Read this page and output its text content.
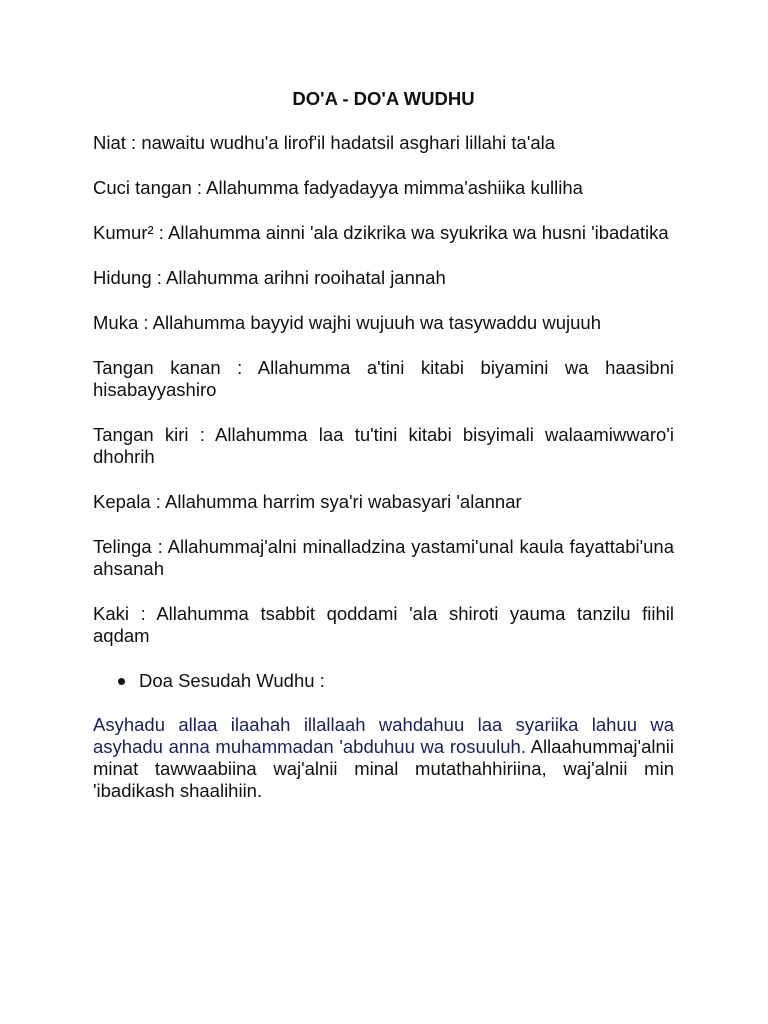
DO'A - DO'A WUDHU

Niat : nawaitu wudhu'a lirof'il hadatsil asghari lillahi ta'ala

Cuci tangan : Allahumma fadyadayya mimma'ashiika kulliha

Kumur² : Allahumma ainni 'ala dzikrika wa syukrika wa husni 'ibadatika

Hidung : Allahumma arihni rooihatal jannah

Muka : Allahumma bayyid wajhi wujuuh wa tasywaddu wujuuh

Tangan kanan : Allahumma a'tini kitabi biyamini wa haasibni hisabayyashiro

Tangan kiri : Allahumma laa tu'tini kitabi bisyimali walaamiwwaro'i dhohrih

Kepala : Allahumma harrim sya'ri wabasyari 'alannar

Telinga : Allahummaj'alni minalladzina yastami'unal kaula fayattabi'una ahsanah

Kaki : Allahumma tsabbit qoddami 'ala shiroti yauma tanzilu fiihil aqdam

Doa Sesudah Wudhu :

Asyhadu allaa ilaahah illallaah wahdahuu laa syariika lahuu wa asyhadu anna muhammadan 'abduhuu wa rosuuluh. Allaahummaj'alnii minat tawwaabiina waj'alnii minal mutathahhiriina, waj'alnii min 'ibadikash shaalihiin.
